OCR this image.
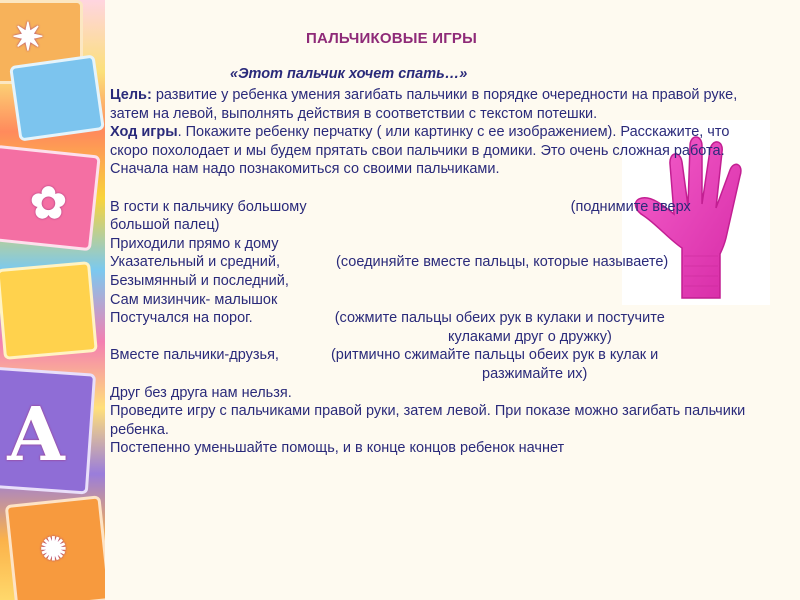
✷
✿
А
✺
ПАЛЬЧИКОВЫЕ ИГРЫ
«Этот пальчик хочет спать…»

Цель: развитие у ребенка умения загибать пальчики в порядке очередности на правой руке, затем на левой, выполнять действия в соответствии с текстом потешки.

Ход игры. Покажите ребенку перчатку ( или картинку с ее изображением). Расскажите, что скоро похолодает и мы будем прятать свои пальчики в домики. Это очень сложная работа. Сначала нам надо познакомиться со своими пальчиками.

В гости к пальчику большому	(поднимите вверх большой палец)

Приходили прямо к дому

Указательный и средний,	(соединяйте вместе пальцы, которые называете)

Безымянный и последний,

Сам мизинчик- малышок

Постучался на порог.	(сожмите пальцы обеих рук в кулаки и постучите

кулаками друг о дружку)

Вместе пальчики-друзья,	(ритмично сжимайте пальцы обеих рук в кулак и

разжимайте их)

Друг без друга нам нельзя.

Проведите игру с пальчиками правой руки, затем левой. При показе можно загибать пальчики ребенка.

Постепенно уменьшайте помощь, и в конце концов ребенок начнет
